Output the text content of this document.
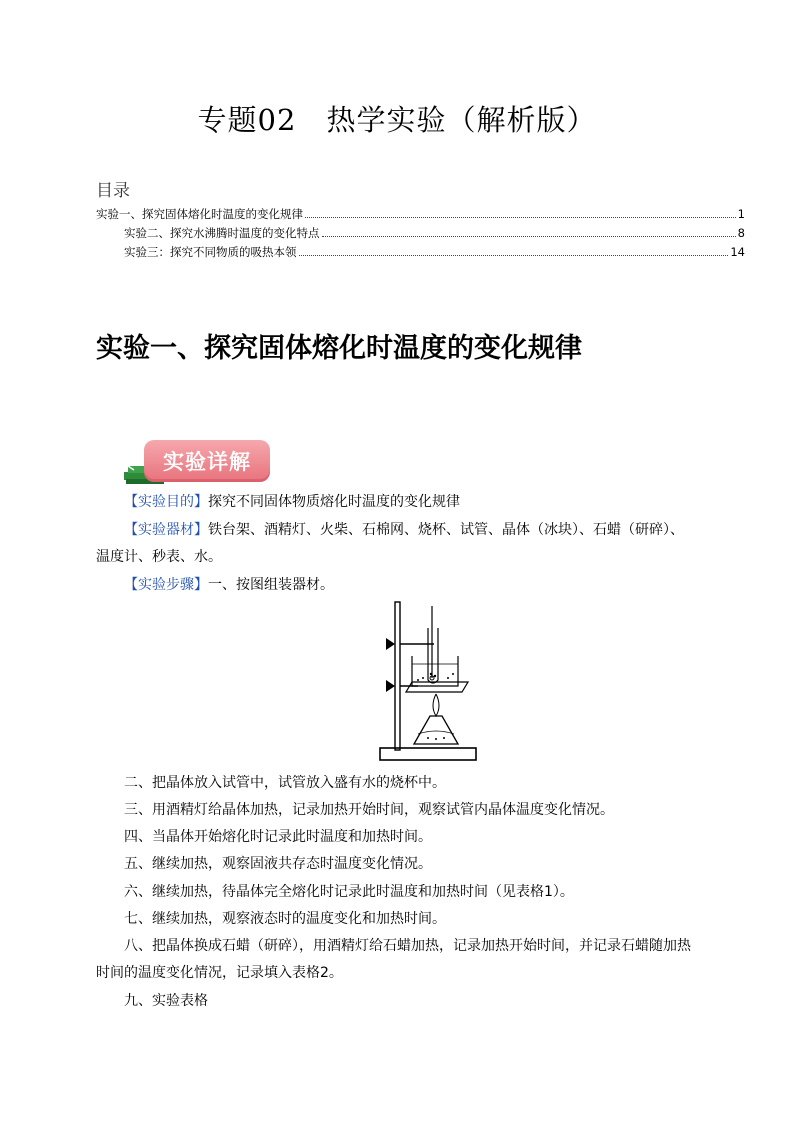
专题02　热学实验（解析版）
目录
实验一、探究固体熔化时温度的变化规律	1
实验二、探究水沸腾时温度的变化特点	8
实验三：探究不同物质的吸热本领	14
实验一、探究固体熔化时温度的变化规律
实验详解
【实验目的】探究不同固体物质熔化时温度的变化规律
【实验器材】铁台架、酒精灯、火柴、石棉网、烧杯、试管、晶体（冰块）、石蜡（研碎）、
温度计、秒表、水。
【实验步骤】一、按图组装器材。
二、把晶体放入试管中，试管放入盛有水的烧杯中。
三、用酒精灯给晶体加热，记录加热开始时间，观察试管内晶体温度变化情况。
四、当晶体开始熔化时记录此时温度和加热时间。
五、继续加热，观察固液共存态时温度变化情况。
六、继续加热，待晶体完全熔化时记录此时温度和加热时间（见表格1）。
七、继续加热，观察液态时的温度变化和加热时间。
八、把晶体换成石蜡（研碎），用酒精灯给石蜡加热，记录加热开始时间，并记录石蜡随加热
时间的温度变化情况，记录填入表格2。
九、实验表格
